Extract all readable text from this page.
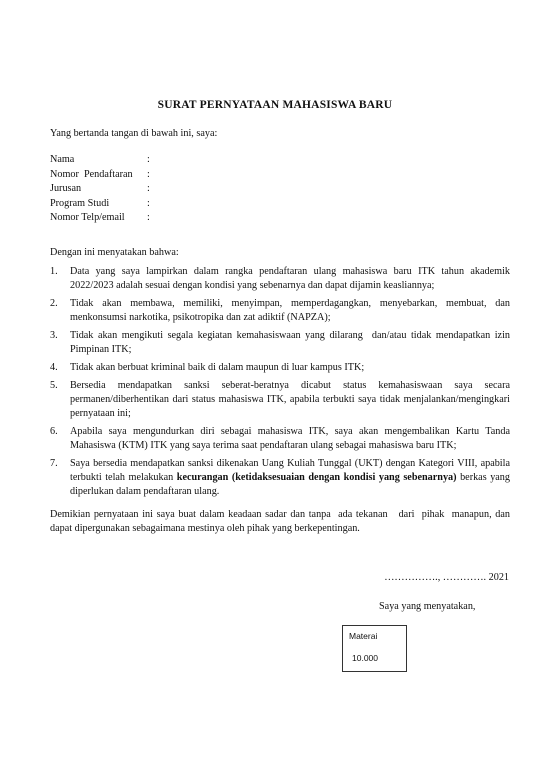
SURAT PERNYATAAN MAHASISWA BARU
Yang bertanda tangan di bawah ini, saya:
Nama	:
Nomor  Pendaftaran	:
Jurusan	:
Program Studi	:
Nomor Telp/email	:
Dengan ini menyatakan bahwa:
1.	Data yang saya lampirkan dalam rangka pendaftaran ulang mahasiswa baru ITK tahun akademik 2022/2023 adalah sesuai dengan kondisi yang sebenarnya dan dapat dijamin keasliannya;
2.	Tidak akan membawa, memiliki, menyimpan, memperdagangkan, menyebarkan, membuat, dan menkonsumsi narkotika, psikotropika dan zat adiktif (NAPZA);
3.	Tidak akan mengikuti segala kegiatan kemahasiswaan yang dilarang  dan/atau tidak mendapatkan izin Pimpinan ITK;
4.	Tidak akan berbuat kriminal baik di dalam maupun di luar kampus ITK;
5.	Bersedia mendapatkan sanksi seberat-beratnya dicabut status kemahasiswaan saya secara permanen/diberhentikan dari status mahasiswa ITK, apabila terbukti saya tidak menjalankan/mengingkari pernyataan ini;
6.	Apabila saya mengundurkan diri sebagai mahasiswa ITK, saya akan mengembalikan Kartu Tanda Mahasiswa (KTM) ITK yang saya terima saat pendaftaran ulang sebagai mahasiswa baru ITK;
7.	Saya bersedia mendapatkan sanksi dikenakan Uang Kuliah Tunggal (UKT) dengan Kategori VIII, apabila terbukti telah melakukan kecurangan (ketidaksesuaian dengan kondisi yang sebenarnya) berkas yang diperlukan dalam pendaftaran ulang.
Demikian pernyataan ini saya buat dalam keadaan sadar dan tanpa  ada tekanan   dari  pihak  manapun, dan dapat dipergunakan sebagaimana mestinya oleh pihak yang berkepentingan.
……………., …………. 2021
Saya yang menyatakan,
Materai
10.000
